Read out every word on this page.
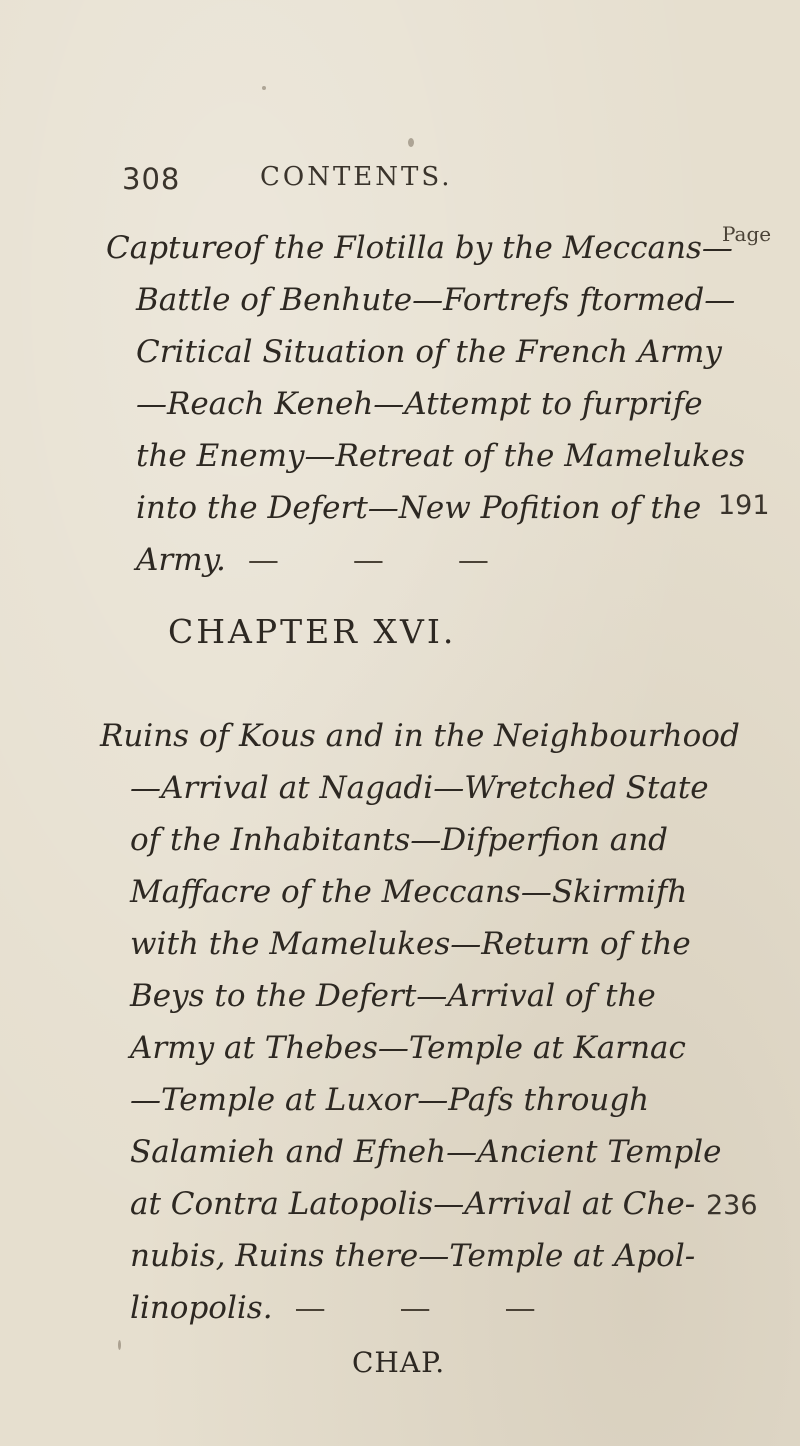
308	CONTENTS.
Page
Captureof the Flotilla by the Meccans—
Battle of Benhute—Fortrefs ftormed—
Critical Situation of the French Army
—Reach Keneh—Attempt to furprife
the Enemy—Retreat of the Mamelukes
into the Defert—New Pofition of the
Army. — — —
191
CHAPTER XVI.
Ruins of Kous and in the Neighbourhood
—Arrival at Nagadi—Wretched State
of the Inhabitants—Difperfion and
Maffacre of the Meccans—Skirmifh
with the Mamelukes—Return of the
Beys to the Defert—Arrival of the
Army at Thebes—Temple at Karnac
—Temple at Luxor—Pafs through
Salamieh and Efneh—Ancient Temple
at Contra Latopolis—Arrival at Che-
nubis, Ruins there—Temple at Apol-
linopolis. — — —
236
CHAP.
